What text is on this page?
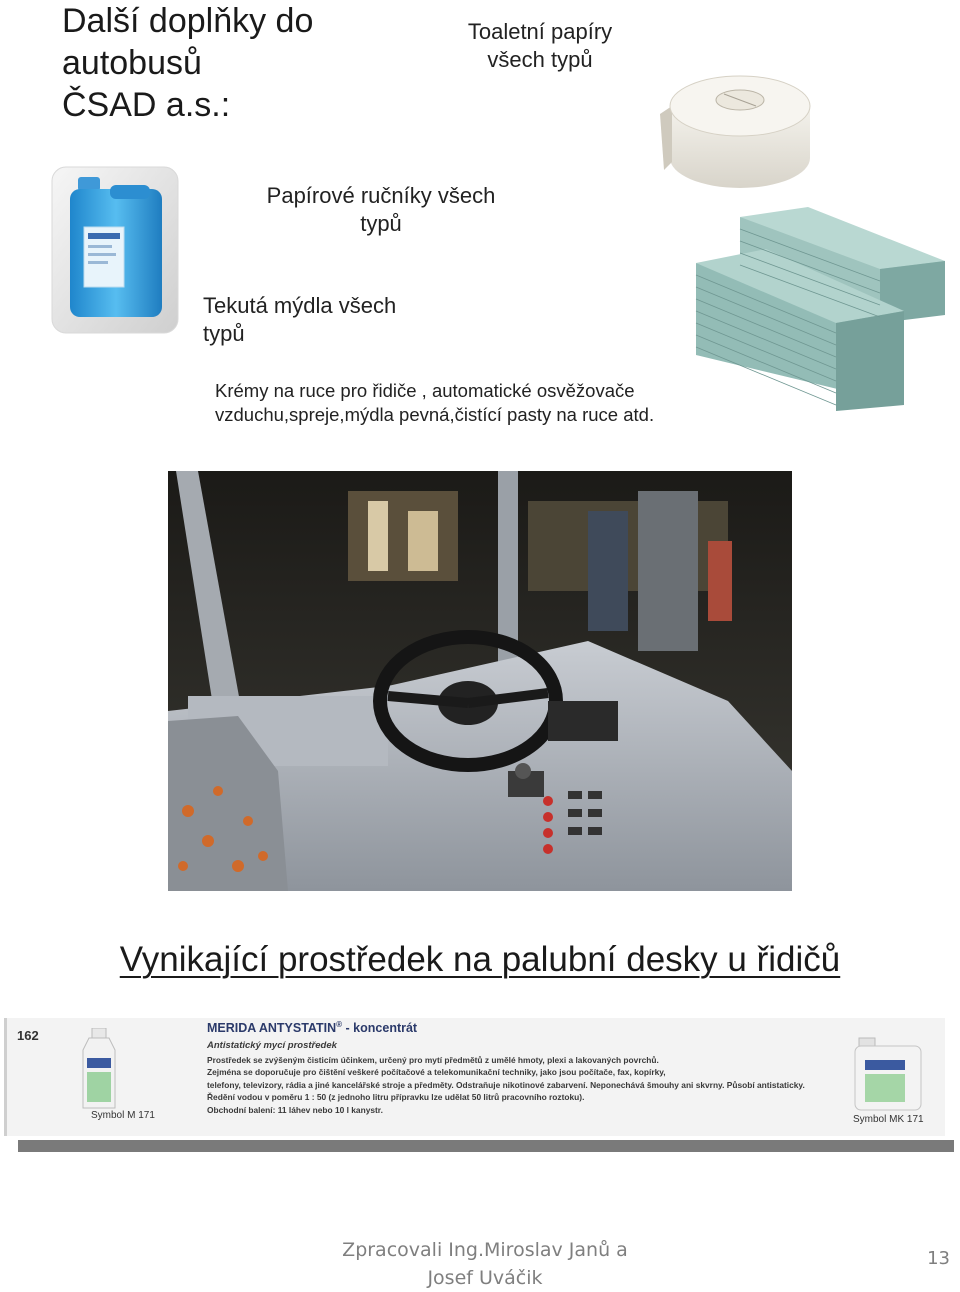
Další doplňky do
autobusů
ČSAD a.s.:
Toaletní papíry
všech typů
Papírové ručníky všech
typů
Tekutá mýdla všech
typů
Krémy na ruce pro řidiče , automatické osvěžovače
vzduchu,spreje,mýdla pevná,čistící pasty na ruce atd.
Vynikající prostředek na palubní desky u řidičů
162	MERIDA ANTYSTATIN® - koncentrát
Antistatický mycí prostředek
Prostředek se zvýšeným čisticím účinkem, určený pro mytí předmětů z umělé hmoty, plexi a lakovaných povrchů.
Zejména se doporučuje pro čištění veškeré počítačové a telekomunikační techniky, jako jsou počítače, fax, kopírky,
telefony, televizory, rádia a jiné kancelářské stroje a předměty. Odstraňuje nikotinové zabarvení. Neponechává šmouhy ani skvrny. Působí antistaticky.
Ředění vodou v poměru 1 : 50 (z jednoho litru přípravku lze udělat 50 litrů pracovního roztoku).
Obchodní balení: 11 láhev nebo 10 l kanystr.
Symbol M 171	Symbol MK 171
Zpracovali Ing.Miroslav Janů a
Josef Uváčik
13
